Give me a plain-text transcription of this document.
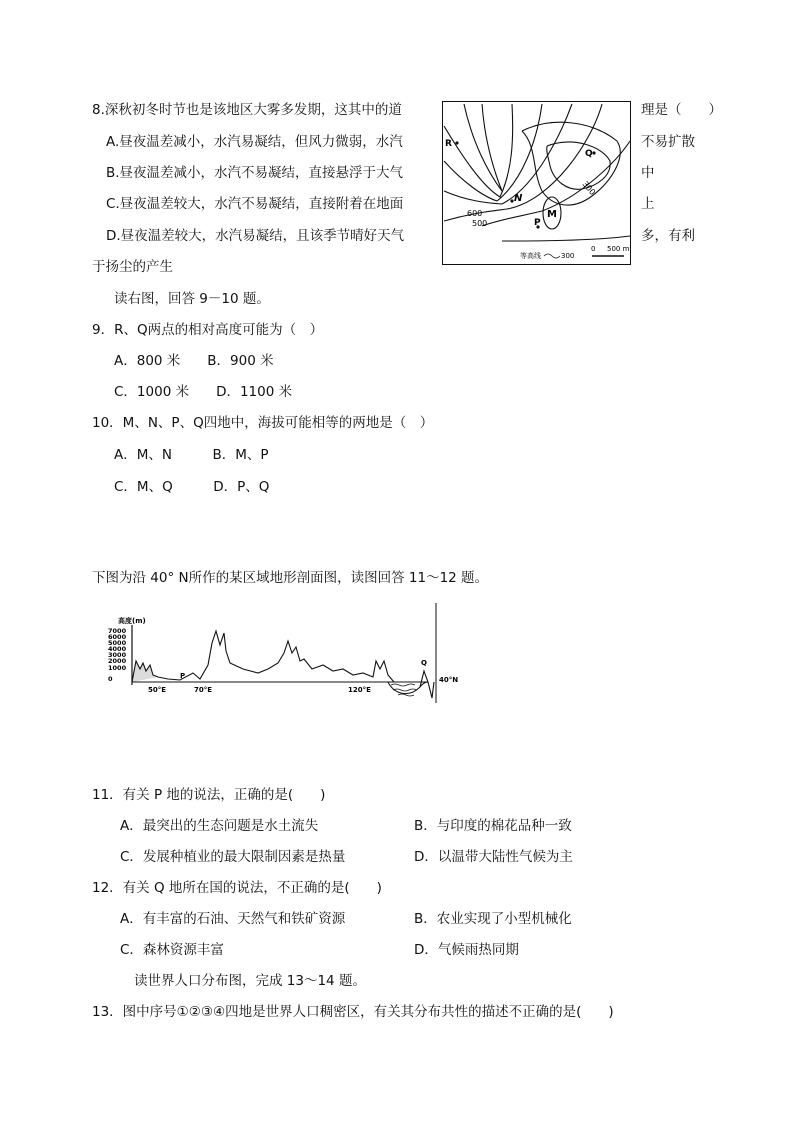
8.深秋初冬时节也是该地区大雾多发期，这其中的道	理是（　　）
A.昼夜温差减小，水汽易凝结，但风力微弱，水汽	不易扩散
B.昼夜温差减小，水汽不易凝结，直接悬浮于大气	中
C.昼夜温差较大，水汽不易凝结，直接附着在地面	上
D.昼夜温差较大，水汽易凝结，且该季节晴好天气	多，有利
于扬尘的产生
R
Q
N
P
M
300
600
500
等高线	300
0 500 m
读右图，回答 9－10 题。
9．R、Q两点的相对高度可能为（　）
A．800 米　　B．900 米
C．1000 米　　D．1100 米
10．M、N、P、Q四地中，海拔可能相等的两地是（　）
A．M、N　　　B．M、P
C．M、Q　　　D．P、Q
下图为沿 40° N所作的某区域地形剖面图，读图回答 11～12 题。
高度(m)
7000
6000
5000
4000
3000
2000
1000
0	P
Q
50°E	70°E	120°E
40°N
11．有关 P 地的说法，正确的是(　　)
A．最突出的生态问题是水土流失	B．与印度的棉花品种一致
C．发展种植业的最大限制因素是热量	D．以温带大陆性气候为主
12．有关 Q 地所在国的说法，不正确的是(　　)
A．有丰富的石油、天然气和铁矿资源	B．农业实现了小型机械化
C．森林资源丰富	D．气候雨热同期
读世界人口分布图，完成 13～14 题。
13．图中序号①②③④四地是世界人口稠密区，有关其分布共性的描述不正确的是(　　)
